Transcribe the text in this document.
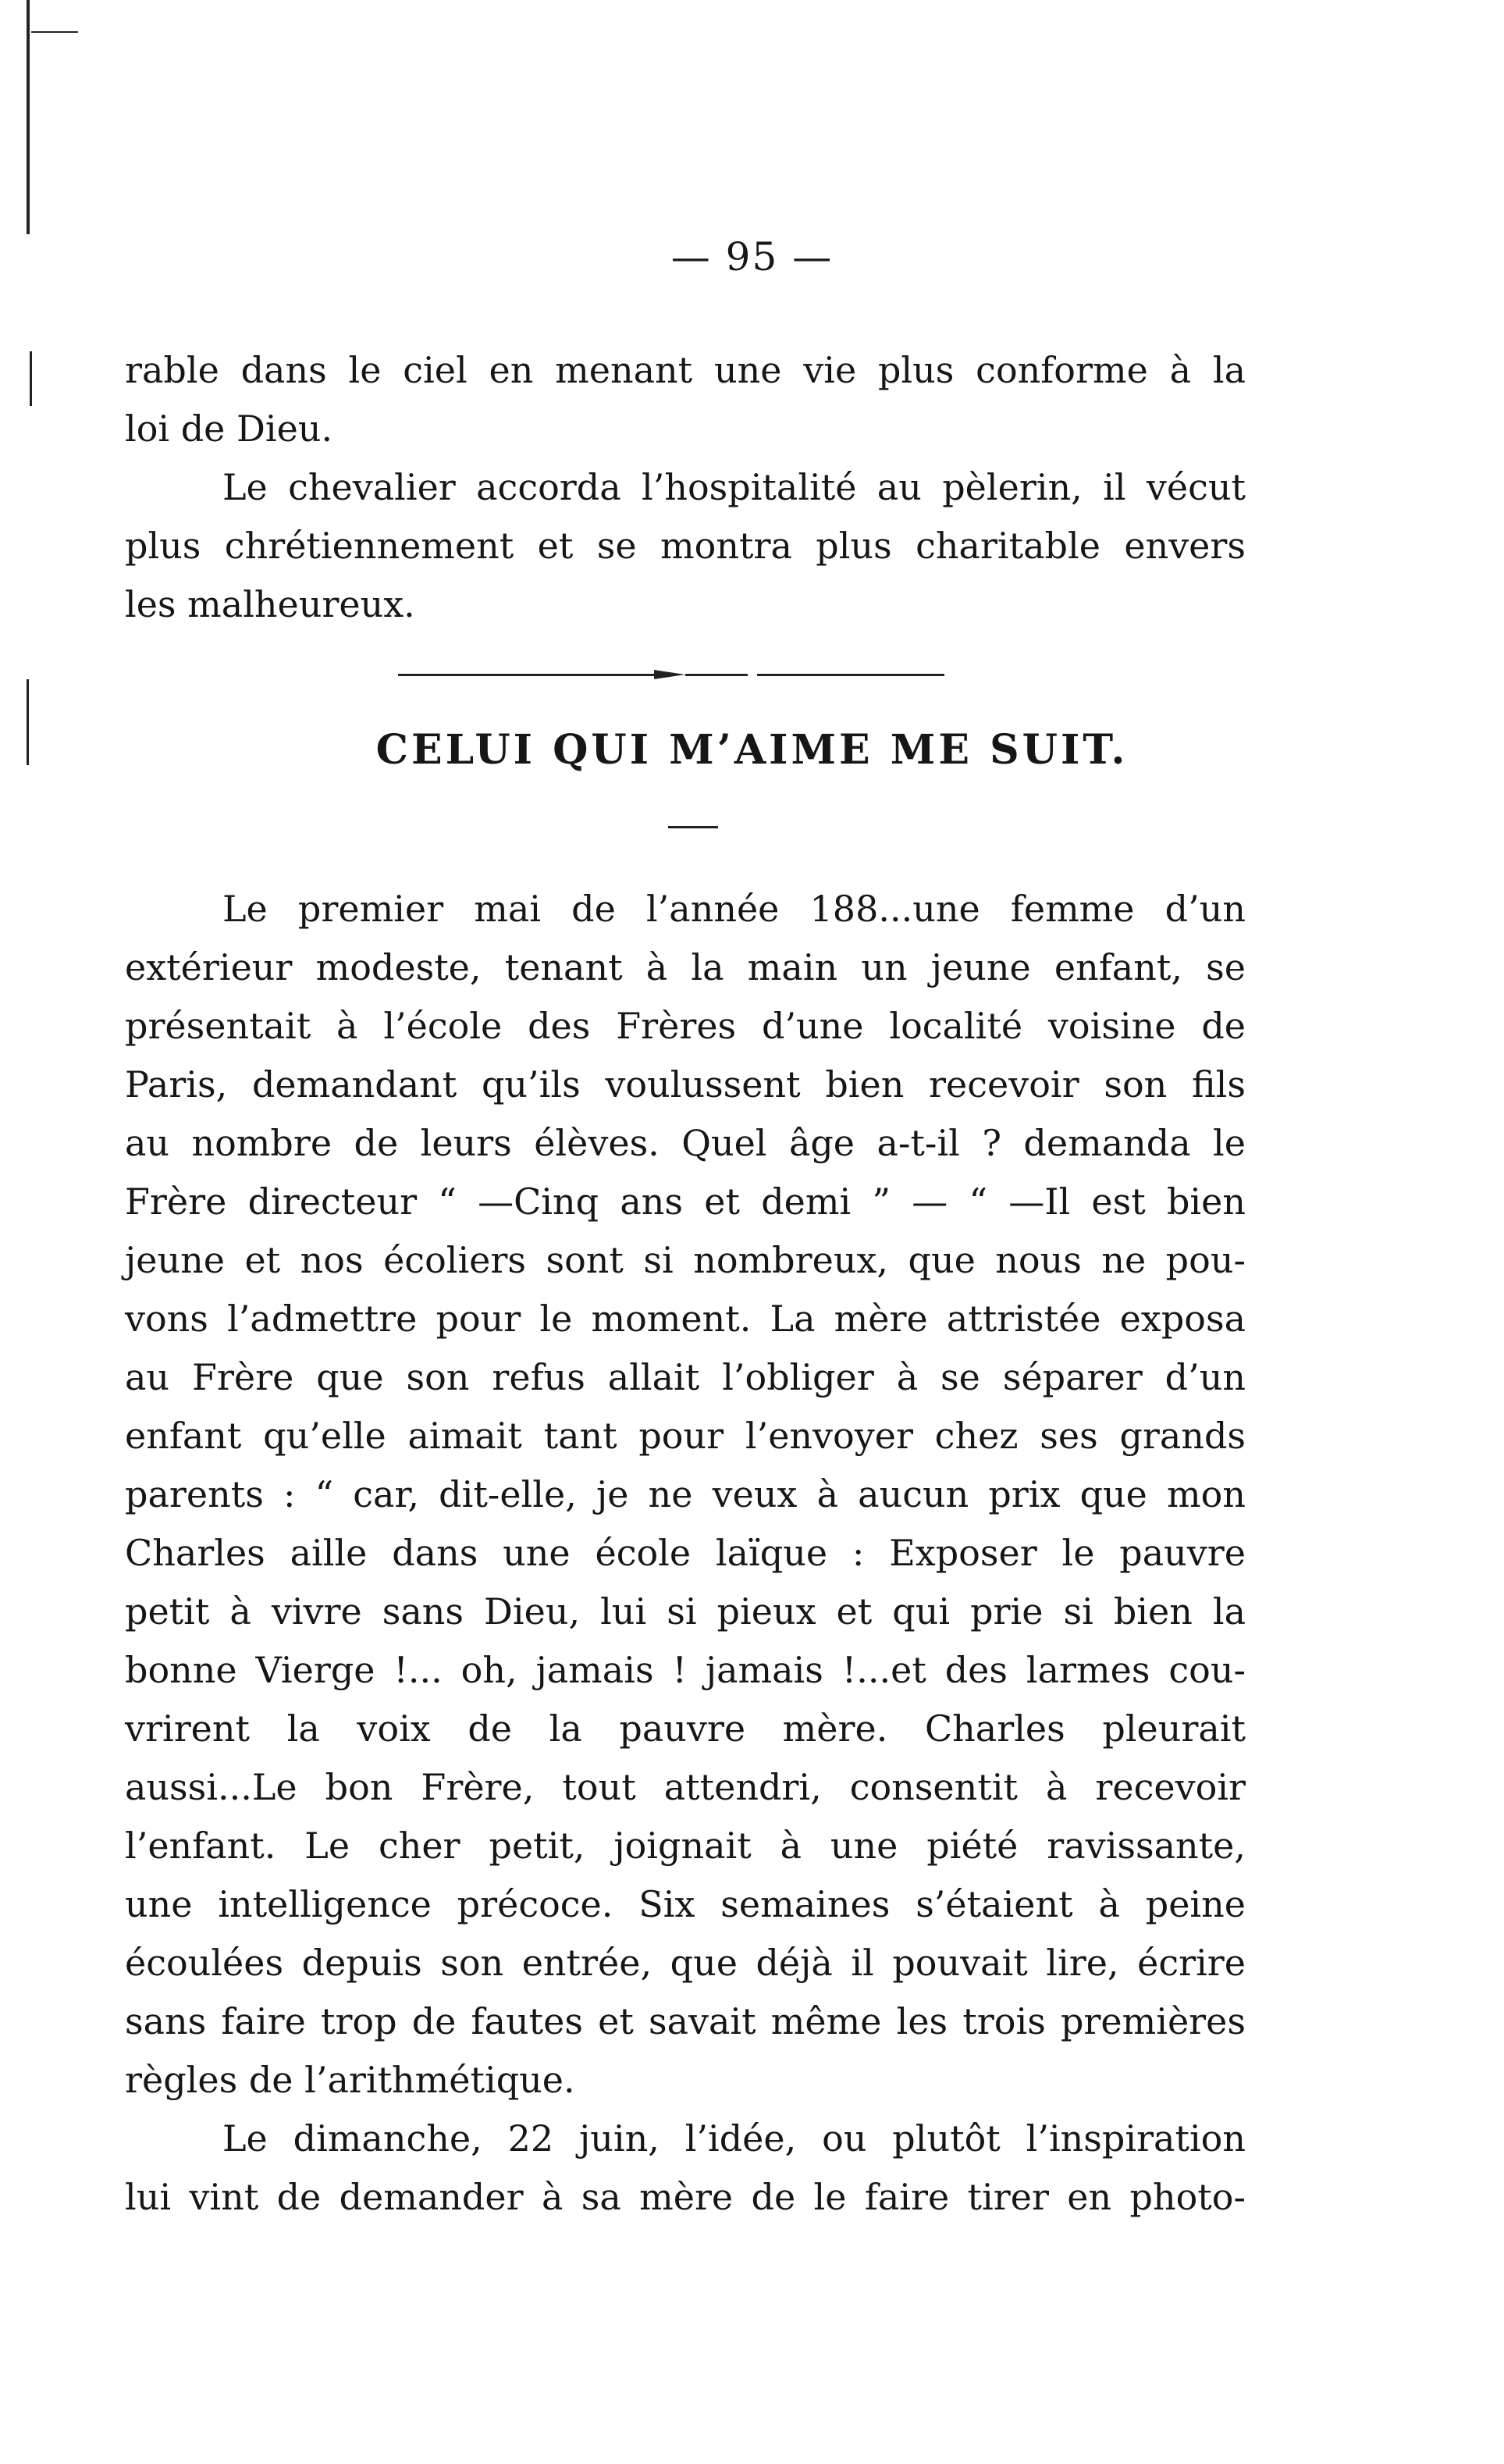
— 95 —
rable dans le ciel en menant une vie plus conforme à la
loi de Dieu.
Le chevalier accorda l’hospitalité au pèlerin, il vécut
plus chrétiennement et se montra plus charitable envers
les malheureux.
CELUI QUI M’AIME ME SUIT.
Le premier mai de l’année 188...une femme d’un
extérieur modeste, tenant à la main un jeune enfant, se
présentait à l’école des Frères d’une localité voisine de
Paris, demandant qu’ils voulussent bien recevoir son fils
au nombre de leurs élèves. Quel âge a-t-il ? demanda le
Frère directeur “ —Cinq ans et demi ” — “ —Il est bien
jeune et nos écoliers sont si nombreux, que nous ne pou-
vons l’admettre pour le moment. La mère attristée exposa
au Frère que son refus allait l’obliger à se séparer d’un
enfant qu’elle aimait tant pour l’envoyer chez ses grands
parents : “ car, dit-elle, je ne veux à aucun prix que mon
Charles aille dans une école laïque : Exposer le pauvre
petit à vivre sans Dieu, lui si pieux et qui prie si bien la
bonne Vierge !... oh, jamais ! jamais !...et des larmes cou-
vrirent la voix de la pauvre mère. Charles pleurait
aussi...Le bon Frère, tout attendri, consentit à recevoir
l’enfant. Le cher petit, joignait à une piété ravissante,
une intelligence précoce. Six semaines s’étaient à peine
écoulées depuis son entrée, que déjà il pouvait lire, écrire
sans faire trop de fautes et savait même les trois premières
règles de l’arithmétique.
Le dimanche, 22 juin, l’idée, ou plutôt l’inspiration
lui vint de demander à sa mère de le faire tirer en photo-
